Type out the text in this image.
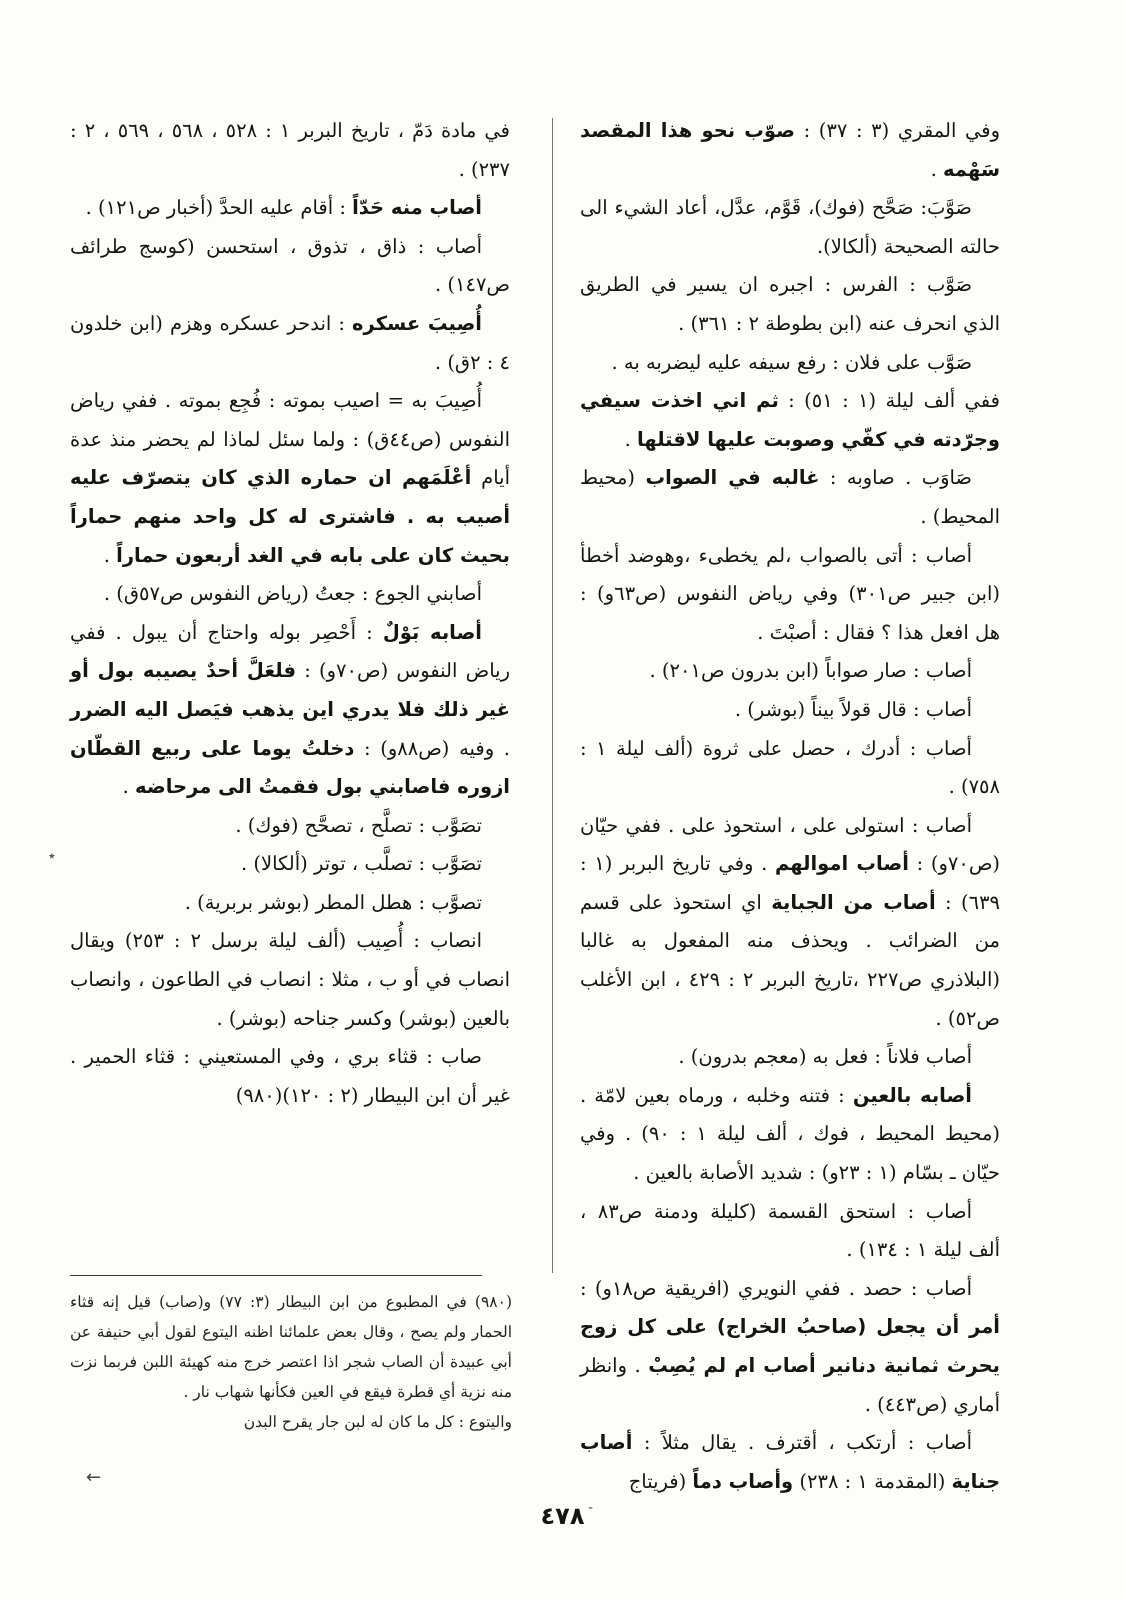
وفي المقري (٣ : ٣٧) : صوّب نحو هذا المقصد سَهْمه .

صَوَّبَ: صَحَّح (فوك)، قَوَّم، عدَّل، أعاد الشيء الى حالته الصحيحة (ألكالا).

صَوَّب : الفرس : اجبره ان يسير في الطريق الذي انحرف عنه (ابن بطوطة ٢ : ٣٦١) .

صَوَّب على فلان : رفع سيفه عليه ليضربه به .

ففي ألف ليلة (١ : ٥١) : ثم اني اخذت سيفي وجرّدته في كفّي وصوبت عليها لاقتلها .

صَاوَب . صاوبه : غالبه في الصواب (محيط المحيط) .

أصاب : أتى بالصواب ،لم يخطىء ،وهوضد أخطأ (ابن جبير ص٣٠١) وفي رياض النفوس (ص٦٣و) : هل افعل هذا ؟ فقال : أصبْتَ .

أصاب : صار صواباً (ابن بدرون ص٢٠١) .

أصاب : قال قولاً بيناً (بوشر) .

أصاب : أدرك ، حصل على ثروة (ألف ليلة ١ : ٧٥٨) .

أصاب : استولى على ، استحوذ على . ففي حيّان (ص٧٠و) : أصاب اموالهم . وفي تاريخ البربر (١ : ٦٣٩) : أصاب من الجباية اي استحوذ على قسم من الضرائب . ويحذف منه المفعول به غالبا (البلاذري ص٢٢٧ ،تاريخ البربر ٢ : ٤٢٩ ، ابن الأغلب ص٥٢) .

أصاب فلاناً : فعل به (معجم بدرون) .

أصابه بالعين : فتنه وخلبه ، ورماه بعين لامّة . (محيط المحيط ، فوك ، ألف ليلة ١ : ٩٠) . وفي حيّان ـ بسّام (١ : ٢٣و) : شديد الأصابة بالعين .

أصاب : استحق القسمة (كليلة ودمنة ص٨٣ ، ألف ليلة ١ : ١٣٤) .

أصاب : حصد . ففي النويري (افريقية ص١٨و) : أمر أن يجعل (صاحبُ الخراج) على كل زوج يحرث ثمانية دنانير أصاب ام لم يُصِبْ . وانظر أماري (ص٤٤٣) .

أصاب : أرتكب ، أقترف . يقال مثلاً : أصاب جناية (المقدمة ١ : ٢٣٨) وأصاب دماً (فريتاج

في مادة دَمّ ، تاريخ البربر ١ : ٥٢٨ ، ٥٦٨ ، ٥٦٩ ، ٢ : ٢٣٧) .

أصاب منه حَدّاً : أقام عليه الحدَّ (أخبار ص١٢١) .

أصاب : ذاق ، تذوق ، استحسن (كوسج طرائف ص١٤٧) .

أُصِيبَ عسكره : اندحر عسكره وهزم (ابن خلدون ٤ : ٢ق) .

أُصِيبَ به = اصيب بموته : فُجِع بموته . ففي رياض النفوس (ص٤٤ق) : ولما سئل لماذا لم يحضر منذ عدة أيام أعْلَمَهم ان حماره الذي كان يتصرّف عليه أصيب به . فاشترى له كل واحد منهم حماراً بحيث كان على بابه في الغد أربعون حماراً .

أصابني الجوع : جعتُ (رياض النفوس ص٥٧ق) .

أصابه بَوْلٌ : أَحْصِر بوله واحتاج أن يبول . ففي رياض النفوس (ص٧٠و) : فلعَلَّ أحدٌ يصيبه بول أو غير ذلك فلا يدري اين يذهب فيَصل اليه الضرر . وفيه (ص٨٨و) : دخلتُ يوما على ربيع القطّان ازوره فاصابني بول فقمتُ الى مرحاضه .

تصَوَّب : تصلَّح ، تصحَّح (فوك) .

تصَوَّب : تصلَّب ، توتر (ألكالا) .

تصوَّب : هطل المطر (بوشر بربرية) .

انصاب : أُصِيب (ألف ليلة برسل ٢ : ٢٥٣) ويقال انصاب في أو ب ، مثلا : انصاب في الطاعون ، وانصاب بالعين (بوشر) وكسر جناحه (بوشر) .

صاب : قثاء بري ، وفي المستعيني : قثاء الحمير . غير أن ابن البيطار (٢ : ١٢٠)(٩٨٠)

(٩٨٠) في المطبوع من ابن البيطار (٣: ٧٧) و(صاب) قيل إنه قثاء الحمار ولم يصح ، وقال بعض علمائنا اظنه اليتوع لقول أبي حنيفة عن أبي عبيدة أن الصاب شجر اذا اعتصر خرج منه كهيئة اللبن فربما نزت منه نزية أي قطرة فيقع في العين فكأنها شهاب نار .

واليتوع : كل ما كان له لبن جار يقرح البدن

←
٤٧٨
٭
-
